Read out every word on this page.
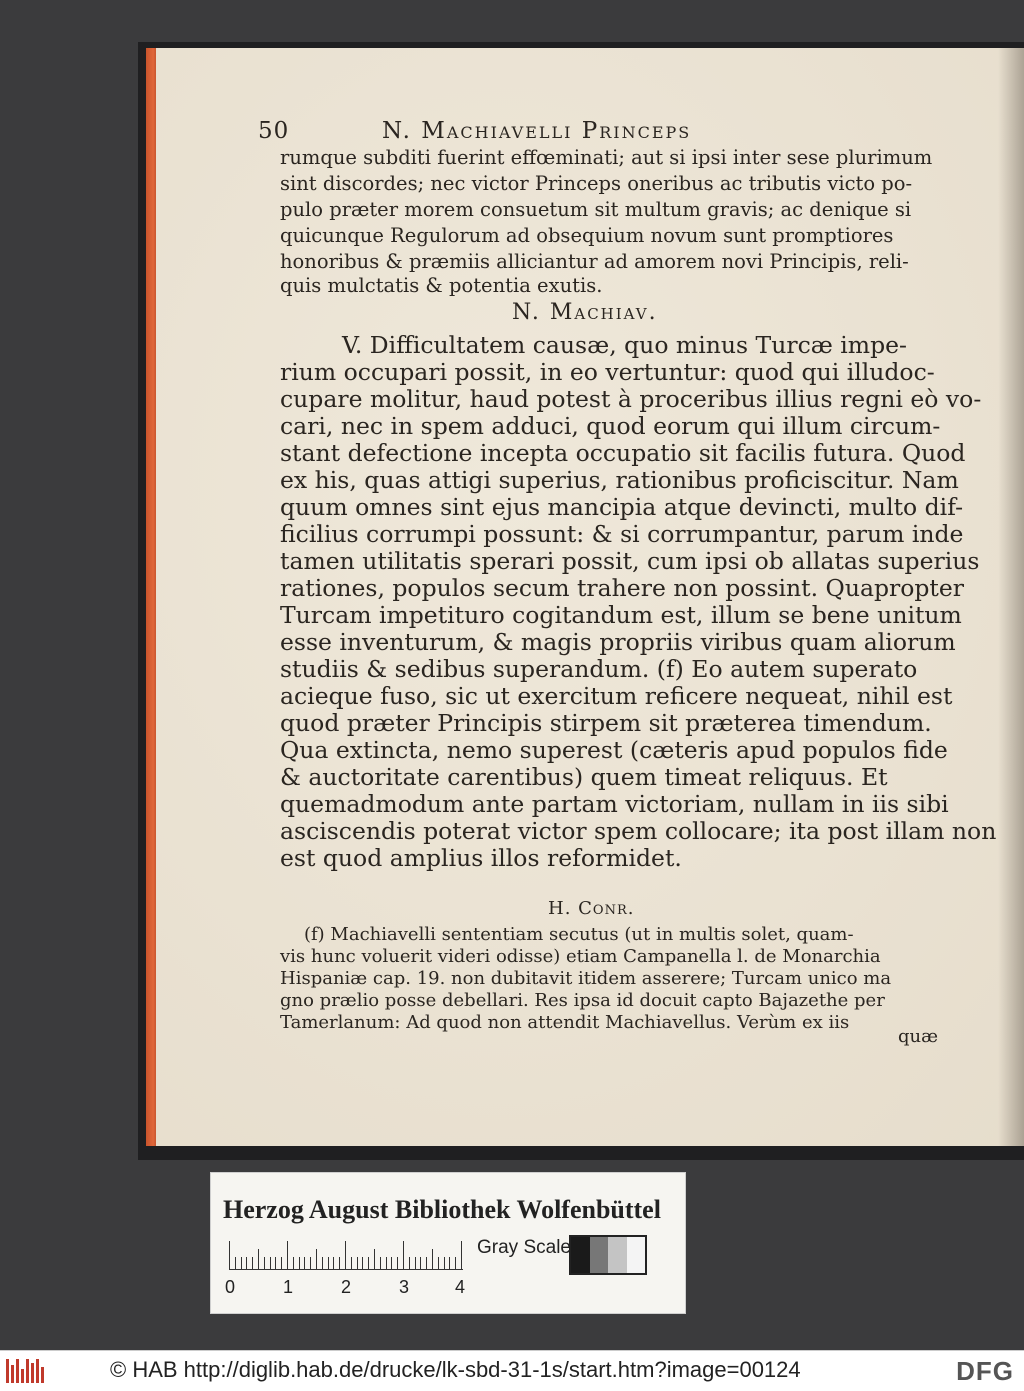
50	N. Machiavelli Princeps

rumque subditi fuerint effœminati; aut si ipsi inter sese plurimum

sint discordes; nec victor Princeps oneribus ac tributis victo po-

pulo præter morem consuetum sit multum gravis; ac denique si

quicunque Regulorum ad obsequium novum sunt promptiores

honoribus & præmiis alliciantur ad amorem novi Principis, reli-

quis mulctatis & potentia exutis.

N. Machiav.

V. Difficultatem causæ, quo minus Turcæ impe-

rium occupari possit, in eo vertuntur: quod qui illudoc-

cupare molitur, haud potest à proceribus illius regni eò vo-

cari, nec in spem adduci, quod eorum qui illum circum-

stant defectione incepta occupatio sit facilis futura. Quod

ex his, quas attigi superius, rationibus proficiscitur. Nam

quum omnes sint ejus mancipia atque devincti, multo dif-

ficilius corrumpi possunt: & si corrumpantur, parum inde

tamen utilitatis sperari possit, cum ipsi ob allatas superius

rationes, populos secum trahere non possint. Quapropter

Turcam impetituro cogitandum est, illum se bene unitum

esse inventurum, & magis propriis viribus quam aliorum

studiis & sedibus superandum. (f) Eo autem superato

acieque fuso, sic ut exercitum reficere nequeat, nihil est

quod præter Principis stirpem sit præterea timendum.

Qua extincta, nemo superest (cæteris apud populos fide

& auctoritate carentibus) quem timeat reliquus. Et

quemadmodum ante partam victoriam, nullam in iis sibi

asciscendis poterat victor spem collocare; ita post illam non

est quod amplius illos reformidet.

H. Conr.

(f) Machiavelli sententiam secutus (ut in multis solet, quam-

vis hunc voluerit videri odisse) etiam Campanella l. de Monarchia

Hispaniæ cap. 19. non dubitavit itidem asserere; Turcam unico ma

gno prælio posse debellari. Res ipsa id docuit capto Bajazethe per

Tamerlanum: Ad quod non attendit Machiavellus. Verùm ex iis

quæ
Herzog August Bibliothek Wolfenbüttel
0	1	2	3	4
Gray Scale
© HAB http://diglib.hab.de/drucke/lk-sbd-31-1s/start.htm?image=00124	DFG
